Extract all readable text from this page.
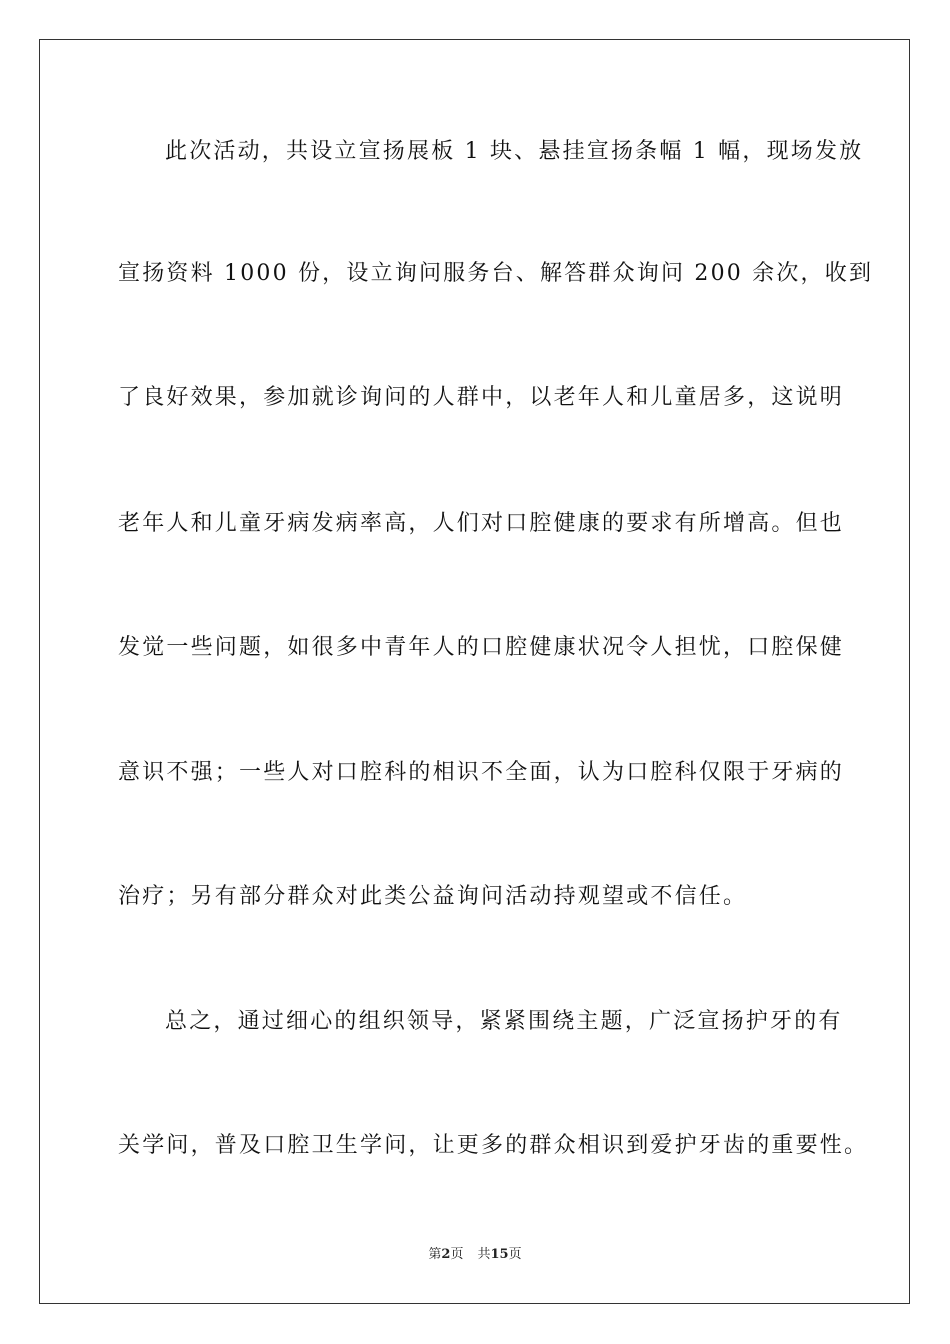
此次活动，共设立宣扬展板 1 块、悬挂宣扬条幅 1 幅，现场发放
宣扬资料 1000 份，设立询问服务台、解答群众询问 200 余次，收到
了良好效果，参加就诊询问的人群中，以老年人和儿童居多，这说明
老年人和儿童牙病发病率高，人们对口腔健康的要求有所增高。但也
发觉一些问题，如很多中青年人的口腔健康状况令人担忧，口腔保健
意识不强；一些人对口腔科的相识不全面，认为口腔科仅限于牙病的
治疗；另有部分群众对此类公益询问活动持观望或不信任。
总之，通过细心的组织领导，紧紧围绕主题，广泛宣扬护牙的有
关学问，普及口腔卫生学问，让更多的群众相识到爱护牙齿的重要性。
第2页 共15页
